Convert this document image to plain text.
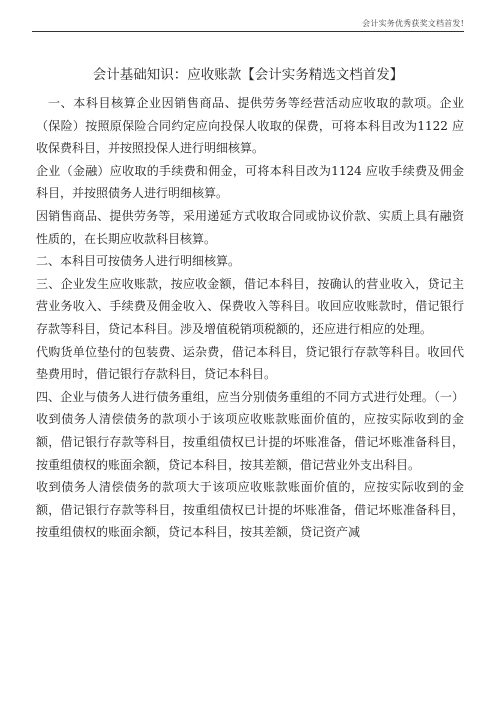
会计实务优秀获奖文档首发!
会计基础知识：应收账款【会计实务精选文档首发】

一、本科目核算企业因销售商品、提供劳务等经营活动应收取的款项。企业（保险）按照原保险合同约定应向投保人收取的保费，可将本科目改为1122 应收保费科目，并按照投保人进行明细核算。

企业（金融）应收取的手续费和佣金，可将本科目改为1124 应收手续费及佣金科目，并按照债务人进行明细核算。

因销售商品、提供劳务等，采用递延方式收取合同或协议价款、实质上具有融资性质的，在长期应收款科目核算。

二、本科目可按债务人进行明细核算。

三、企业发生应收账款，按应收金额，借记本科目，按确认的营业收入，贷记主营业务收入、手续费及佣金收入、保费收入等科目。收回应收账款时，借记银行存款等科目，贷记本科目。涉及增值税销项税额的，还应进行相应的处理。

代购货单位垫付的包装费、运杂费，借记本科目，贷记银行存款等科目。收回代垫费用时，借记银行存款科目，贷记本科目。

四、企业与债务人进行债务重组，应当分别债务重组的不同方式进行处理。（一）收到债务人清偿债务的款项小于该项应收账款账面价值的，应按实际收到的金额，借记银行存款等科目，按重组债权已计提的坏账准备，借记坏账准备科目，按重组债权的账面余额，贷记本科目，按其差额，借记营业外支出科目。

收到债务人清偿债务的款项大于该项应收账款账面价值的，应按实际收到的金额，借记银行存款等科目，按重组债权已计提的坏账准备，借记坏账准备科目，按重组债权的账面余额，贷记本科目，按其差额，贷记资产减
